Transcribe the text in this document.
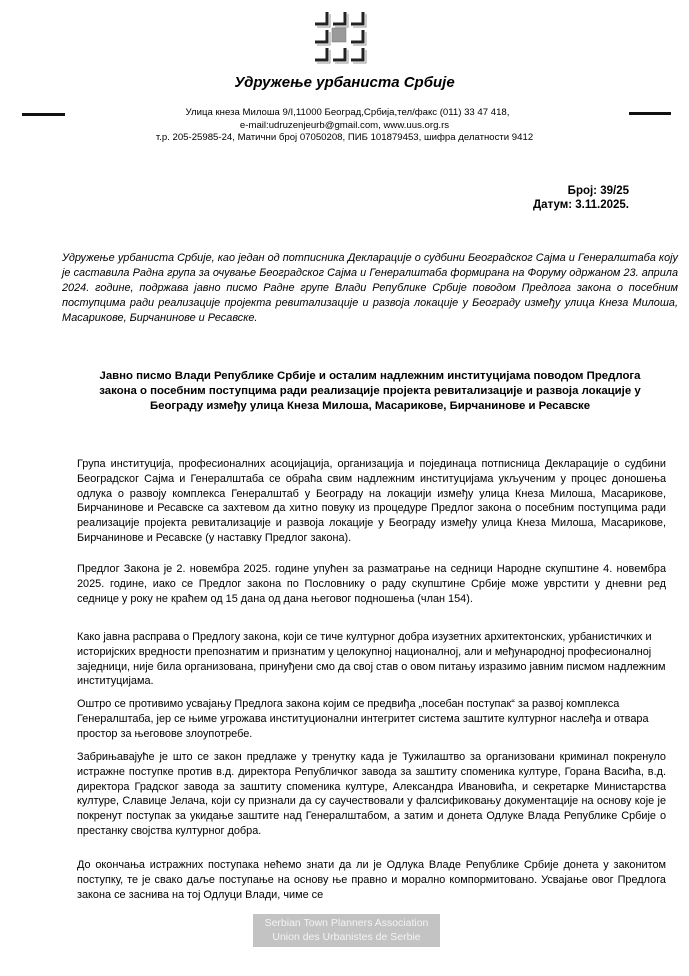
Удружење урбаниста Србије
Улица кнеза Милоша 9/I,11000 Београд,Србија,тел/факс (011) 33 47 418,
e-mail:udruzenjeurb@gmail.com, www.uus.org.rs
т.р. 205-25985-24, Матични број 07050208, ПИБ 101879453, шифра делатности 9412
Број: 39/25
Датум: 3.11.2025.
Удружење урбаниста Србије, као један од потписника Декларације о судбини Београдског Сајма и Генералштаба коју је саставила Радна група за очување Београдског Сајма и Генералштаба формирана на Форуму одржаном 23. априла 2024. године, подржава јавно писмо Радне групе Влади Републике Србије поводом Предлога закона о посебним поступцима ради реализације пројекта ревитализације и развоја локације у Београду између улица Кнеза Милоша, Масарикове, Бирчанинове и Ресавске.
Јавно писмо Влади Републике Србије и осталим надлежним институцијама поводом Предлога
закона о посебним поступцима ради реализације пројекта ревитализације и развоја локације у
Београду између улица Кнеза Милоша, Масарикове, Бирчанинове и Ресавске
Група институција, професионалних асоцијација, организација и појединаца потписница Декларације о судбини Београдског Сајма и Генералштаба се обраћа свим надлежним институцијама укљученим у процес доношења одлука о развоју комплекса Генералштаб у Београду на локацији између улица Кнеза Милоша, Масарикове, Бирчанинове и Ресавске са захтевом да хитно повуку из процедуре Предлог закона о посебним поступцима ради реализације пројекта ревитализације и развоја локације у Београду између улица Кнеза Милоша, Масарикове, Бирчанинове и Ресавске (у наставку Предлог закона).
Предлог Закона је 2. новембра 2025. године упућен за разматрање на седници Народне скупштине 4. новембра 2025. године, иако се Предлог закона по Пословнику о раду скупштине Србије може уврстити у дневни ред седнице у року не краћем од 15 дана од дана његовог подношења (члан 154).
Како јавна расправа о Предлогу закона, који се тиче културног добра изузетних архитектонских, урбанистичких и историјских вредности препознатим и признатим у целокупној националној, али и међународној професионалној заједници, није била организована, принуђени смо да свој став о овом питању изразимо јавним писмом надлежним институцијама.
Оштро се противимо усвајању Предлога закона којим се предвиђа „посебан поступак“ за развој комплекса Генералштаба, јер се њиме угрожава институционални интегритет система заштите културног наслеђа и отвара простор за његовове злоупотребе.
Забрињавајуће је што се закон предлаже у тренутку када је Тужилаштво за организовани криминал покренуло истражне поступке против в.д. директора Републичког завода за заштиту споменика културе, Горана Васића, в.д. директора Градског завода за заштиту споменика културе, Александра Ивановића, и секретарке Министарства културе, Славице Јелача, који су признали да су саучествовали у фалсификовању документације на основу које је покренут поступак за укидање заштите над Генералштабом, а затим и донета Одлуке Влада Републике Србије о престанку својства културног добра.
До окончања истражних поступака нећемо знати да ли је Одлука Владе Републике Србије донета у законитом поступку, те је свако даље поступање на основу ње правно и морално компормитовано. Усвајање овог Предлога закона се заснива на тој Одлуци Влади, чиме се
Serbian Town Planners Association
Union des Urbanistes de Serbie
